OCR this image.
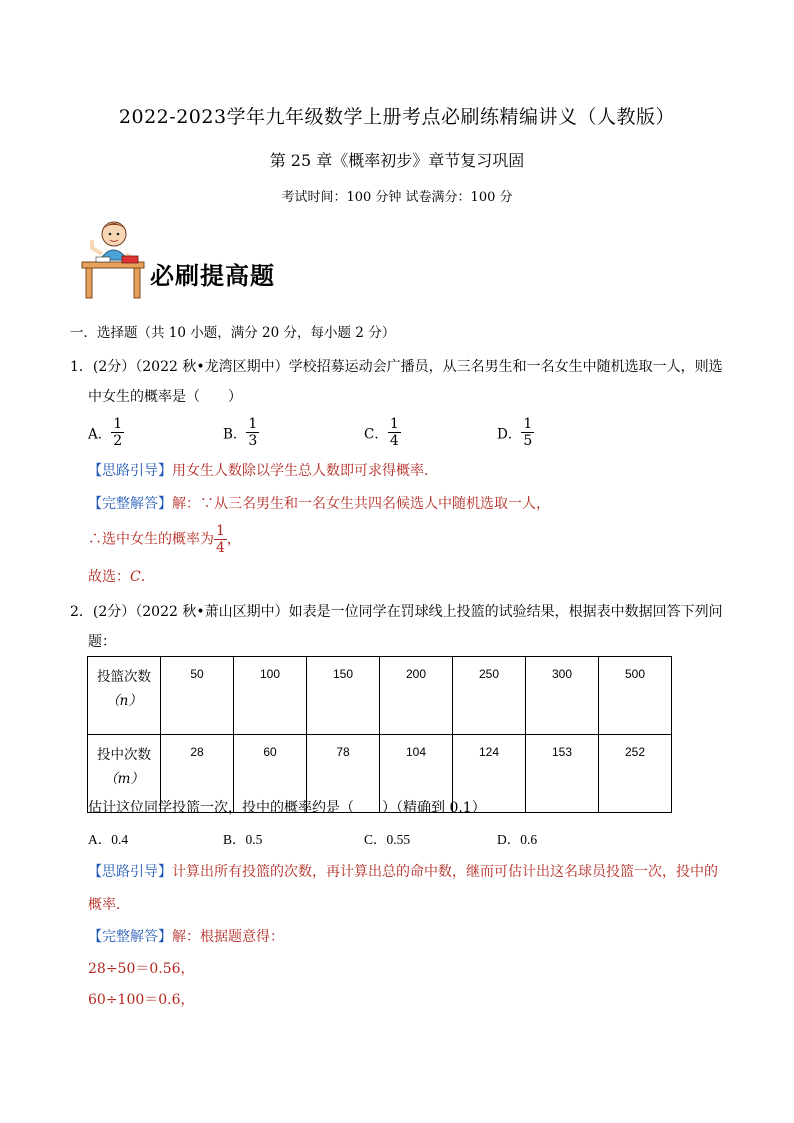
2022-2023学年九年级数学上册考点必刷练精编讲义（人教版）
第 25 章《概率初步》章节复习巩固
考试时间：100 分钟 试卷满分：100 分
必刷提高题
一．选择题（共 10 小题，满分 20 分，每小题 2 分）
1．(2分）（2022 秋•龙湾区期中）学校招募运动会广播员，从三名男生和一名女生中随机选取一人，则选
中女生的概率是（　　）
A． $\frac{1}{2}$	B． $\frac{1}{3}$	C． $\frac{1}{4}$	D． $\frac{1}{5}$
【思路引导】用女生人数除以学生总人数即可求得概率．
【完整解答】解：∵从三名男生和一名女生共四名候选人中随机选取一人，
∴选中女生的概率为 $\frac{1}{4}$ ，
故选：C．
2．(2分）（2022 秋•萧山区期中）如表是一位同学在罚球线上投篮的试验结果，根据表中数据回答下列问
题：
投篮次数
（n）	50	100	150	200	250	300	500
投中次数
（m）	28	60	78	104	124	153	252
估计这位同学投篮一次，投中的概率约是（　　）（精确到 0.1）
A．0.4	B．0.5	C．0.55	D．0.6
【思路引导】计算出所有投篮的次数，再计算出总的命中数，继而可估计出这名球员投篮一次，投中的
概率．
【完整解答】解：根据题意得：
28÷50＝0.56，
60÷100＝0.6，
